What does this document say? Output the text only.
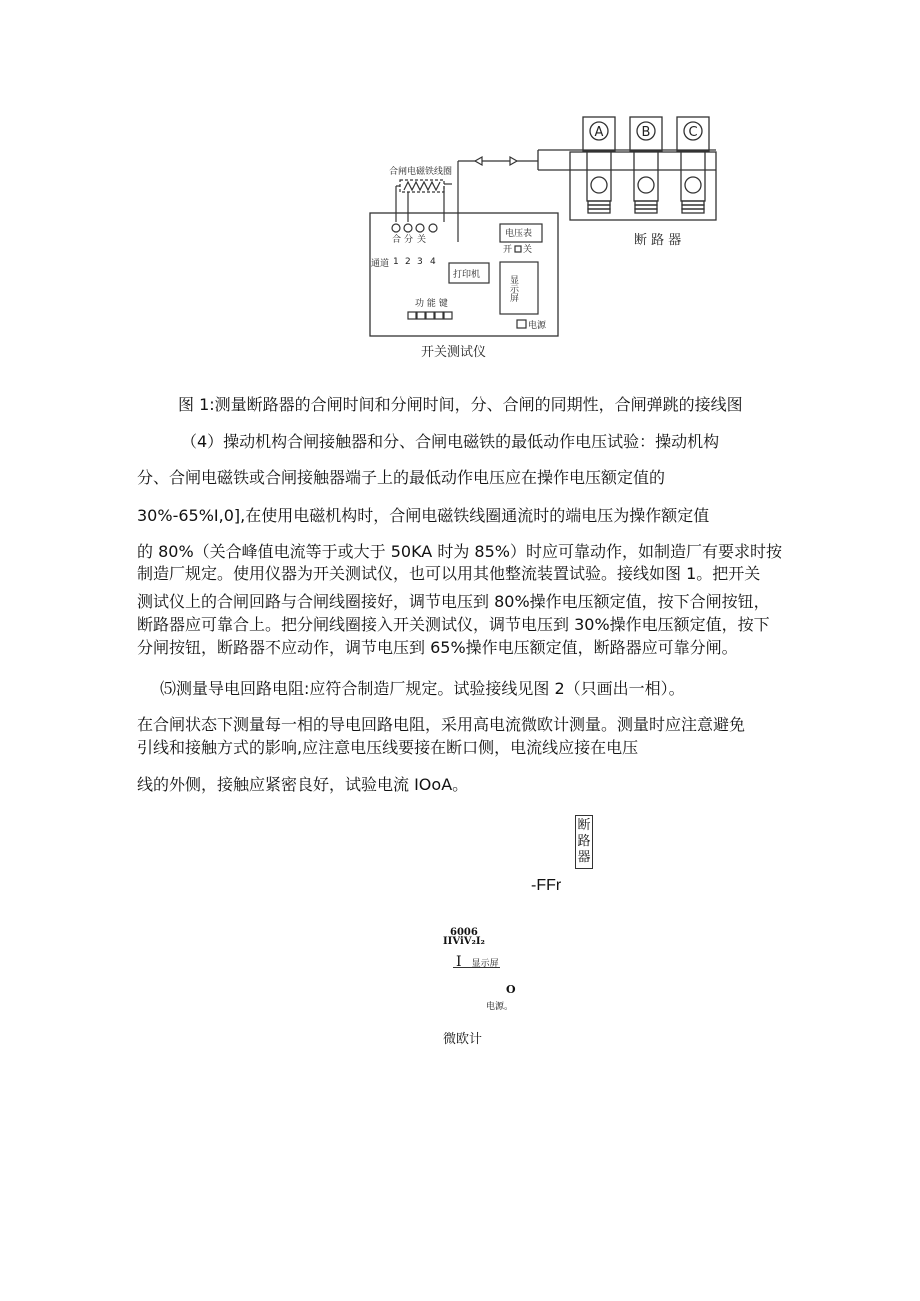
A	B	C
断 路 器
合闸电磁铁线圈
合 分 关
通道 1 2 3 4
打印机
电压表
开 关
显示屏
功 能 键
电源
开关测试仪
图 1:测量断路器的合闸时间和分闸时间，分、合闸的同期性，合闸弹跳的接线图
（4）操动机构合闸接触器和分、合闸电磁铁的最低动作电压试验：操动机构
分、合闸电磁铁或合闸接触器端子上的最低动作电压应在操作电压额定值的
30%-65%I,0],在使用电磁机构时，合闸电磁铁线圈通流时的端电压为操作额定值
的 80%（关合峰值电流等于或大于 50KA 时为 85%）时应可靠动作，如制造厂有要求时按
制造厂规定。使用仪器为开关测试仪，也可以用其他整流装置试验。接线如图 1。把开关
测试仪上的合闸回路与合闸线圈接好，调节电压到 80%操作电压额定值，按下合闸按钮，
断路器应可靠合上。把分闸线圈接入开关测试仪，调节电压到 30%操作电压额定值，按下
分闸按钮，断路器不应动作，调节电压到 65%操作电压额定值，断路器应可靠分闸。
⑸测量导电回路电阻:应符合制造厂规定。试验接线见图 2（只画出一相）。
在合闸状态下测量每一相的导电回路电阻，采用高电流微欧计测量。测量时应注意避免
引线和接触方式的影响,应注意电压线要接在断口侧，电流线应接在电压
线的外侧，接触应紧密良好，试验电流 IOoA。
断路器
-FFr
6006
IIViV₂I₂
I 显示屏
O
电源。
微欧计
